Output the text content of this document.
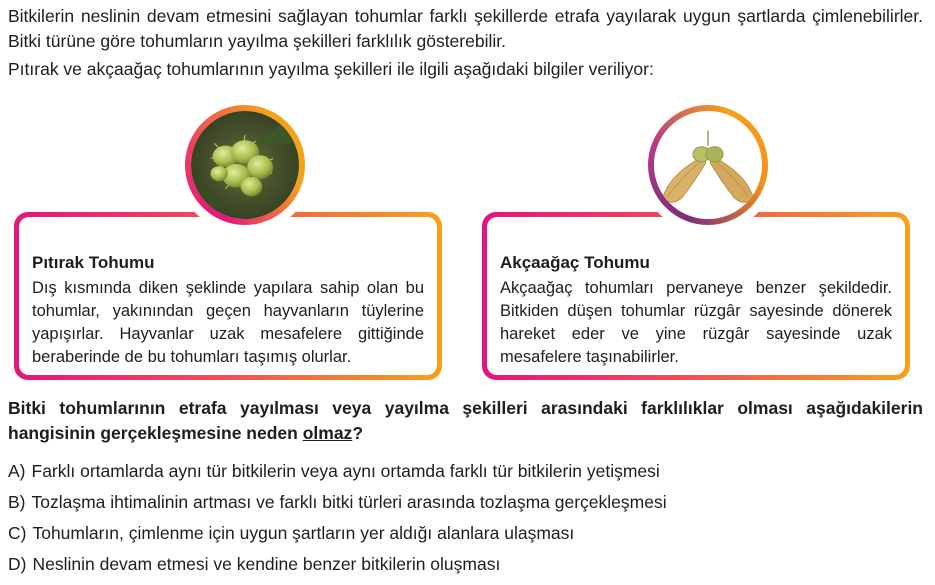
Bitkilerin neslinin devam etmesini sağlayan tohumlar farklı şekillerde etrafa yayılarak uygun şartlarda çimlenebilirler. Bitki türüne göre tohumların yayılma şekilleri farklılık gösterebilir.

Pıtırak ve akçaağaç tohumlarının yayılma şekilleri ile ilgili aşağıdaki bilgiler veriliyor:

Pıtırak Tohumu
Dış kısmında diken şeklinde yapılara sahip olan bu tohumlar, yakınından geçen hayvanların tüylerine yapışırlar. Hayvanlar uzak mesafelere gittiğinde beraberinde de bu tohumları taşımış olurlar.
Akçaağaç Tohumu
Akçaağaç tohumları pervaneye benzer şekildedir. Bitkiden düşen tohumlar rüzgâr sayesinde dönerek hareket eder ve yine rüzgâr sayesinde uzak mesafelere taşınabilirler.
Bitki tohumlarının etrafa yayılması veya yayılma şekilleri arasındaki farklılıklar olması aşağıdakilerin hangisinin gerçekleşmesine neden olmaz?
A) Farklı ortamlarda aynı tür bitkilerin veya aynı ortamda farklı tür bitkilerin yetişmesi
B) Tozlaşma ihtimalinin artması ve farklı bitki türleri arasında tozlaşma gerçekleşmesi
C) Tohumların, çimlenme için uygun şartların yer aldığı alanlara ulaşması
D) Neslinin devam etmesi ve kendine benzer bitkilerin oluşması
